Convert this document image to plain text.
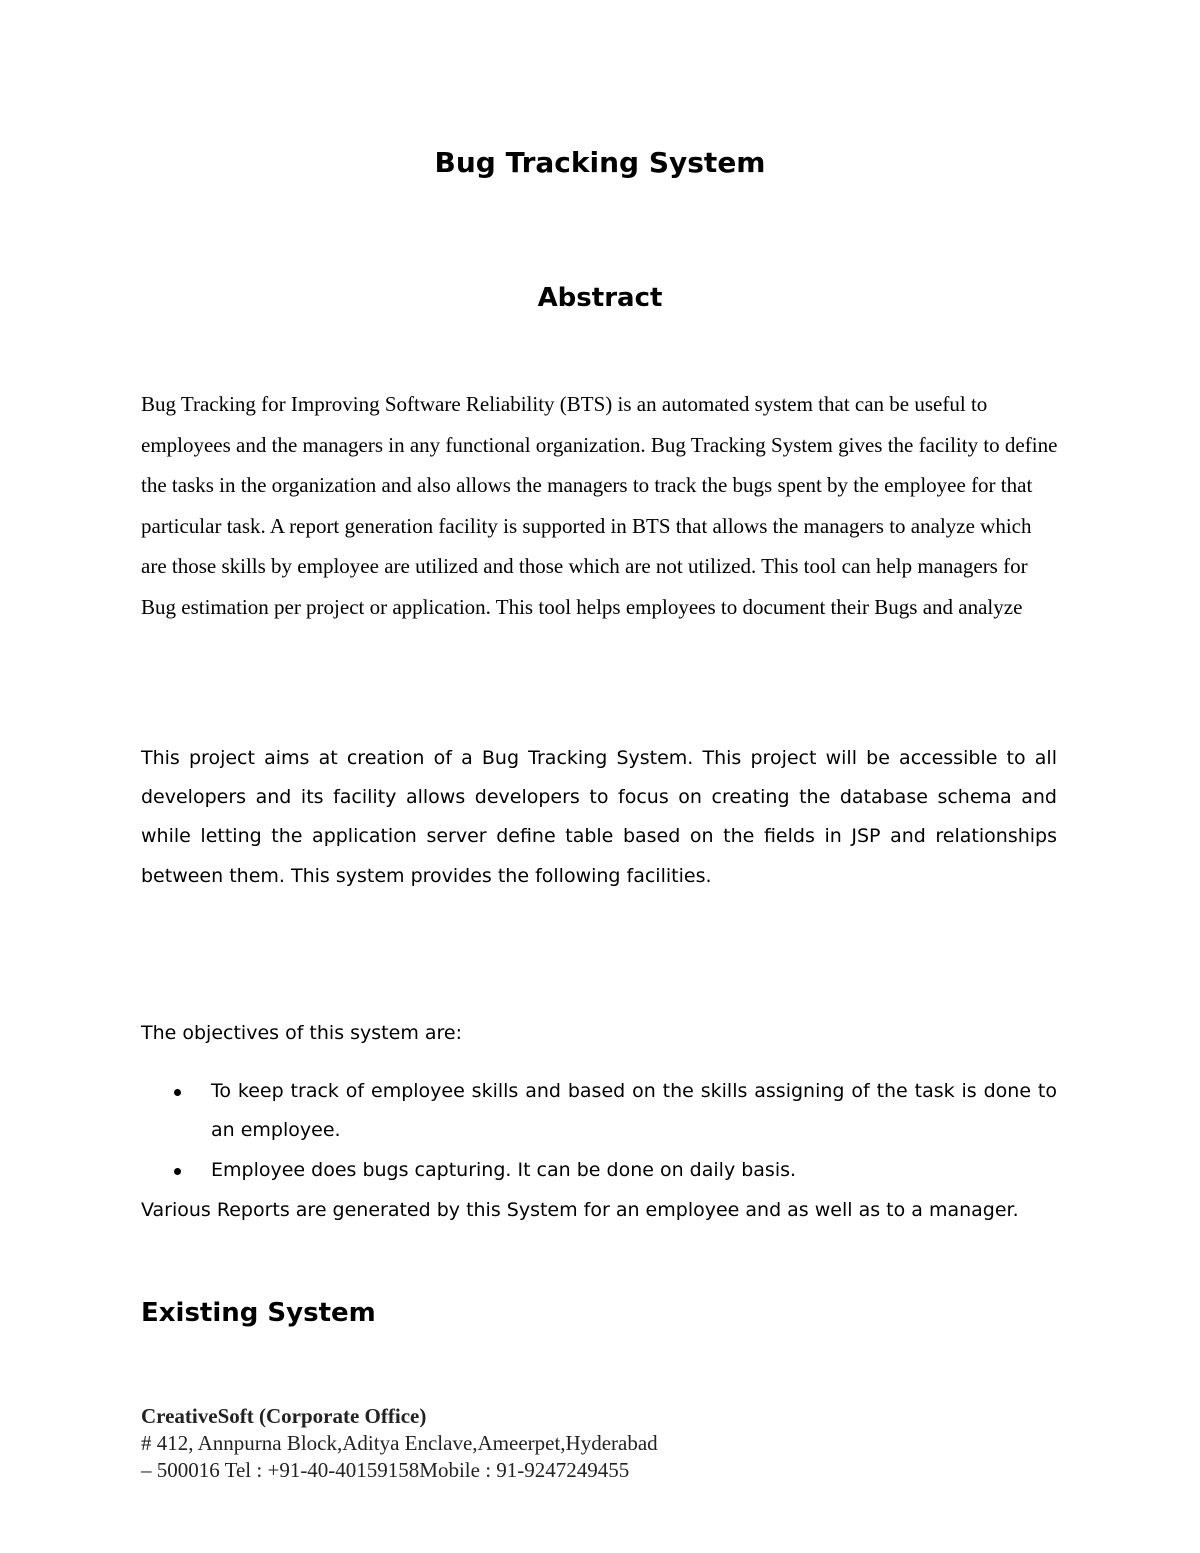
Bug Tracking System
Abstract

Bug Tracking for Improving Software Reliability (BTS) is an automated system that can be useful to employees and the managers in any functional organization. Bug Tracking System gives the facility to define the tasks in the organization and also allows the managers to track the bugs spent by the employee for that particular task. A report generation facility is supported in BTS that allows the managers to analyze which are those skills by employee are utilized and those which are not utilized. This tool can help managers for Bug estimation per project or application. This tool helps employees to document their Bugs and analyze

This project aims at creation of a Bug Tracking System. This project will be accessible to all developers and its facility allows developers to focus on creating the database schema and while letting the application server define table based on the fields in JSP and relationships between them. This system provides the following facilities.

The objectives of this system are:

To keep track of employee skills and based on the skills assigning of the task is done to an employee.
Employee does bugs capturing. It can be done on daily basis.

Various Reports are generated by this System for an employee and as well as to a manager.

Existing System
CreativeSoft (Corporate Office)
# 412, Annpurna Block,Aditya Enclave,Ameerpet,Hyderabad
– 500016 Tel : +91-40-40159158Mobile : 91-9247249455
